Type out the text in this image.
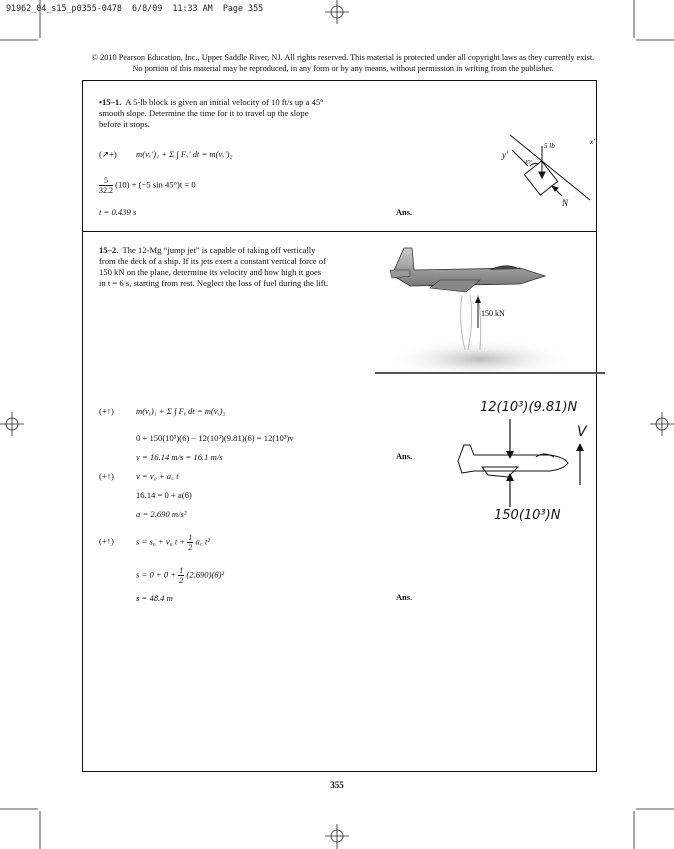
91962_04_s15_p0355-0478  6/8/09  11:33 AM  Page 355
© 2010 Pearson Education, Inc., Upper Saddle River, NJ. All rights reserved. This material is protected under all copyright laws as they currently exist. No portion of this material may be reproduced, in any form or by any means, without permission in writing from the publisher.
•15–1. A 5-lb block is given an initial velocity of 10 ft/s up a 45° smooth slope. Determine the time for it to travel up the slope before it stops.
(↗+) m(vₓ′)₁ + Σ ∫ Fₓ′ dt = m(vₓ′)₂
$\frac{5}{32.2} (10) + (-5$ sin 45°)t = 0
t = 0.439 s	Ans.
y′
x′
5 lb
45°
N
15–2. The 12-Mg “jump jet” is capable of taking off vertically from the deck of a ship. If its jets exert a constant vertical force of 150 kN on the plane, determine its velocity and how high it goes in t = 6 s, starting from rest. Neglect the loss of fuel during the lift.
150 kN
(+↑)	m(vᵧ)₁ + Σ ∫ Fᵧ dt = m(vᵧ)₂
0 + 150(10³)(6) − 12(10³)(9.81)(6) = 12(10³)v
v = 16.14 m/s = 16.1 m/s	Ans.
(+↑)	v = v₀ + a꜀ t
16.14 = 0 + a(6)
a = 2.690 m/s²
(+↑)	s = s₀ + v₀ $t + \frac{1}{2}$ a꜀ t²
$s = 0 + 0 + \frac{1}{2} (2.690)(6)^2$
s = 48.4 m	Ans.
12(10³)(9.81)N
150(10³)N
V
355
